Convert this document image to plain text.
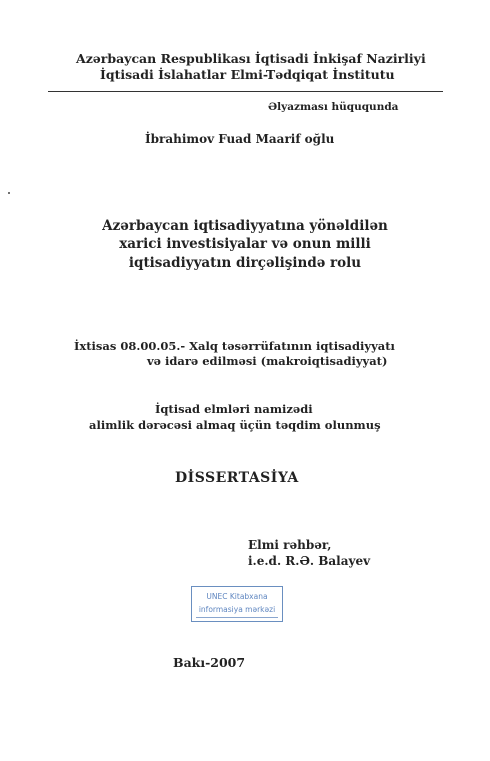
Azərbaycan Respublikası İqtisadi İnkişaf Nazirliyi
İqtisadi İslahatlar Elmi-Tədqiqat İnstitutu
Əlyazması hüququnda
İbrahimov Fuad Maarif oğlu
Azərbaycan iqtisadiyyatına yönəldilən
xarici investisiyalar və onun milli
iqtisadiyyatın dirçəlişində rolu
İxtisas 08.00.05.- Xalq təsərrüfatının iqtisadiyyatı
və idarə edilməsi (makroiqtisadiyyat)
İqtisad elmləri namizədi
alimlik dərəcəsi almaq üçün təqdim olunmuş
DİSSERTASİYA
Elmi rəhbər,
i.e.d. R.Ə. Balayev
UNEC Kitabxana
informasiya mərkəzi
Bakı-2007
